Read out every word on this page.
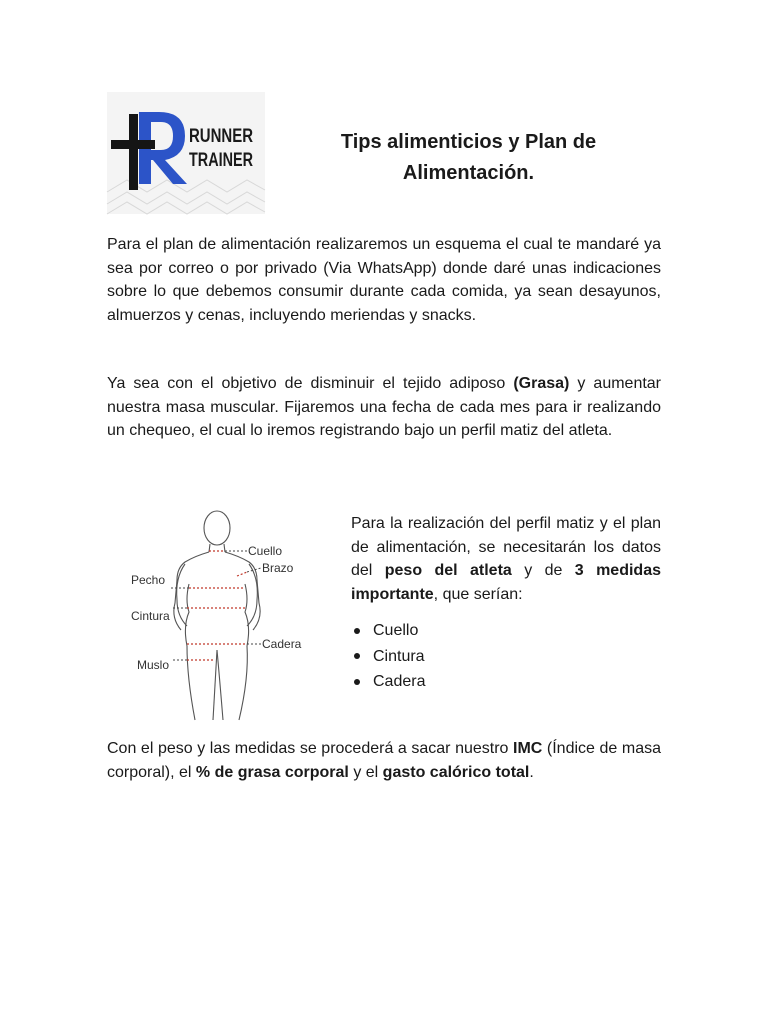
RUNNER
TRAINER
Tips alimenticios y Plan de Alimentación.

Para el plan de alimentación realizaremos un esquema el cual te mandaré ya sea por correo o por privado (Via WhatsApp) donde daré unas indicaciones sobre lo que debemos consumir durante cada comida, ya sean desayunos, almuerzos y cenas, incluyendo meriendas y snacks.

Ya sea con el objetivo de disminuir el tejido adiposo (Grasa) y aumentar nuestra masa muscular. Fijaremos una fecha de cada mes para ir realizando un chequeo, el cual lo iremos registrando bajo un perfil matiz del atleta.

Cuello
Brazo
Pecho
Cintura
Cadera
Muslo

Para la realización del perfil matiz y el plan de alimentación, se necesitarán los datos del peso del atleta y de 3 medidas importante, que serían:

Cuello
Cintura
Cadera

Con el peso y las medidas se procederá a sacar nuestro IMC (Índice de masa corporal), el % de grasa corporal y el gasto calórico total.
